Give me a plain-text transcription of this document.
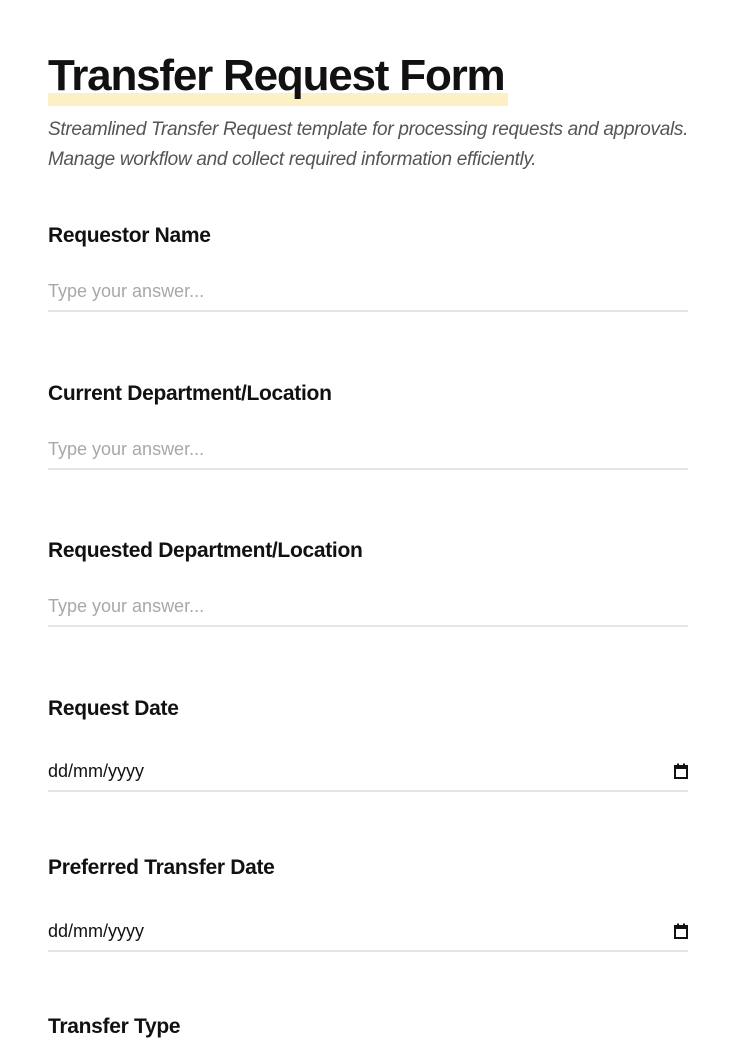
Transfer Request Form

Streamlined Transfer Request template for processing requests and approvals. Manage workflow and collect required information efficiently.

Requestor Name
Type your answer...
Current Department/Location
Type your answer...
Requested Department/Location
Type your answer...
Request Date
dd/mm/yyyy
Preferred Transfer Date
dd/mm/yyyy
Transfer Type
